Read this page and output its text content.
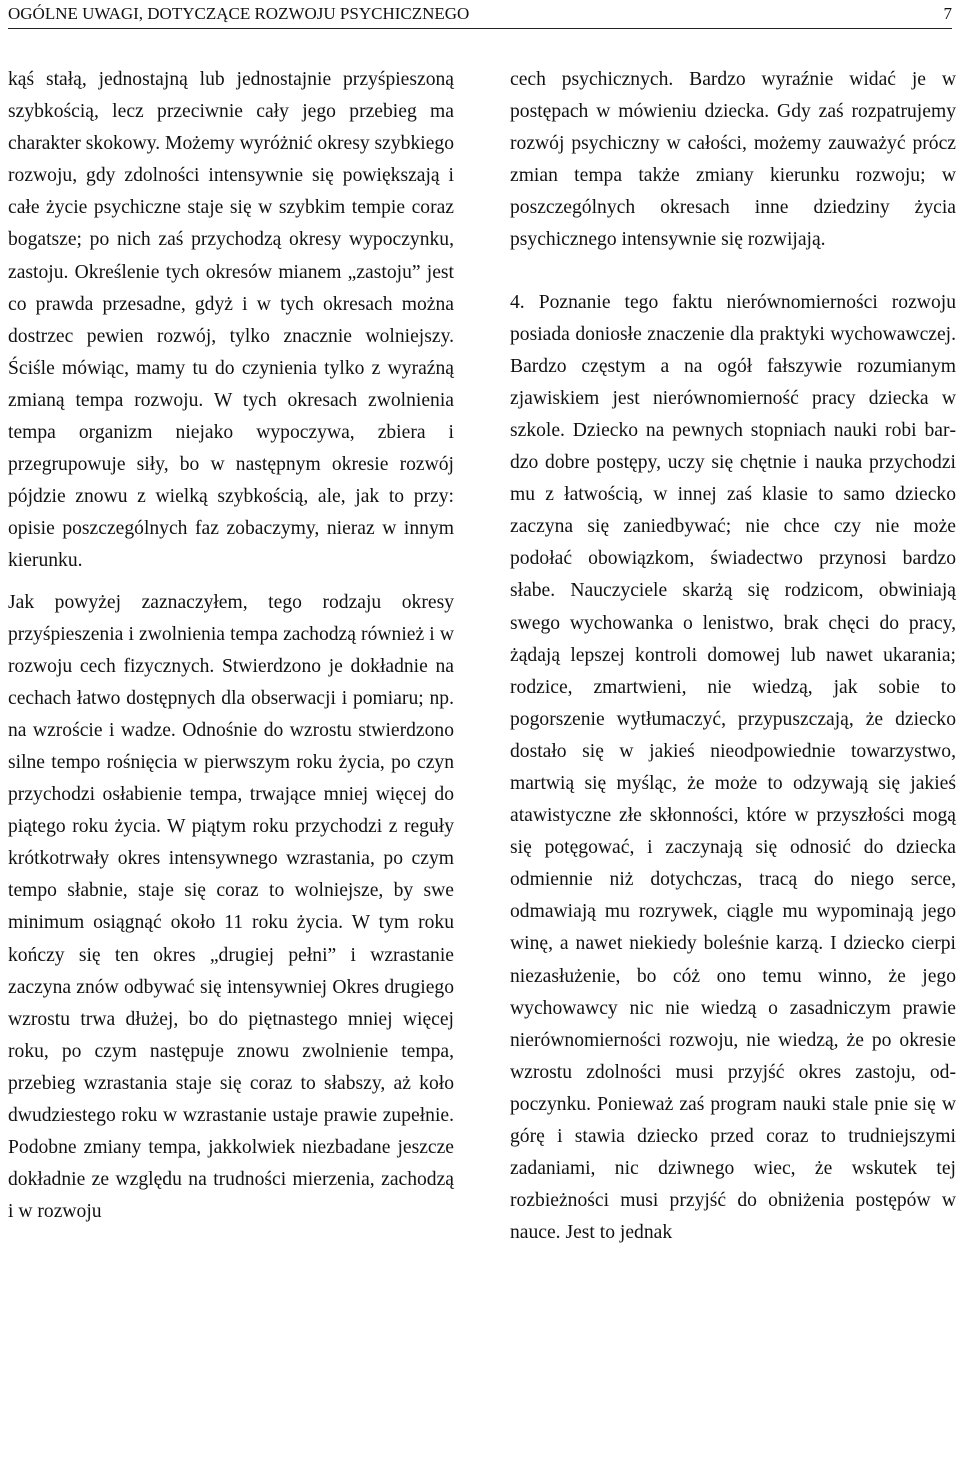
OGÓLNE UWAGI, DOTYCZĄCE ROZWOJU PSYCHICZNEGO	7

kąś stałą, jednostajną lub jednostajnie przyśpieszoną szybkością, lecz przeciwnie cały jego przebieg ma charakter skokowy. Możemy wyróżnić okresy szybkiego rozwoju, gdy zdolności intensywnie się powiększają i całe życie psychiczne staje się w szybkim tempie coraz bogatsze; po nich zaś przychodzą okresy wypoczynku, zastoju. Określenie tych okresów mianem „zastoju” jest co prawda przesadne, gdyż i w tych okresach można dostrzec pewien rozwój, tylko znacznie wolniejszy. Ściśle mówiąc, mamy tu do czynienia tylko z wyraźną zmianą tempa rozwoju. W tych okresach zwolnienia tempa organizm niejako wypoczywa, zbiera i przegrupowuje siły, bo w następnym okresie rozwój pójdzie znowu z wielką szybkością, ale, jak to przy: opisie poszczególnych faz zobaczymy, nieraz w innym kierunku.

Jak powyżej zaznaczyłem, tego rodzaju okresy przyśpieszenia i zwolnienia tempa zachodzą również i w rozwoju cech fizycznych. Stwierdzono je dokładnie na cechach łatwo dostępnych dla obserwacji i pomiaru; np. na wzroście i wadze. Odnośnie do wzrostu stwierdzono silne tempo rośnięcia w pierwszym roku życia, po czyn przychodzi osłabienie tempa, trwające mniej więcej do piątego roku życia. W piątym roku przychodzi z reguły krótkotrwały okres intensywnego wzrastania, po czym tempo słabnie, staje się coraz to wolniejsze, by swe minimum osiągnąć około 11 roku życia. W tym roku kończy się ten okres „drugiej pełni” i wzrastanie zaczyna znów odbywać się intensywniej Okres drugiego wzrostu trwa dłużej, bo do piętnastego mniej więcej roku, po czym następuje znowu zwolnienie tempa, przebieg wzrastania staje się coraz to słabszy, aż koło dwudziestego roku w wzrastanie ustaje prawie zupełnie. Podobne zmiany tempa, jakkolwiek niezbadane jeszcze dokładnie ze względu na trudności mierzenia, zachodzą i w rozwoju

cech psychicznych. Bardzo wyraźnie widać je w postępach w mówieniu dziecka. Gdy zaś rozpatrujemy rozwój psychiczny w całości, możemy zauważyć prócz zmian tempa także zmiany kierunku rozwoju; w poszczególnych okresach inne dziedziny życia psychicznego intensywnie się rozwijają.

4. Poznanie tego faktu nierównomierności rozwoju posiada doniosłe znaczenie dla praktyki wychowawczej. Bardzo częstym a na ogół fałszywie rozumianym zjawiskiem jest nierównomierność pracy dziecka w szkole. Dziecko na pewnych stopniach nauki robi bardzo dobre postępy, uczy się chętnie i nauka przychodzi mu z łatwością, w innej zaś klasie to samo dziecko zaczyna się zaniedbywać; nie chce czy nie może podołać obowiązkom, świadectwo przynosi bardzo słabe. Nauczyciele skarżą się rodzicom, obwiniają swego wychowanka o lenistwo, brak chęci do pracy, żądają lepszej kontroli domowej lub nawet ukarania; rodzice, zmartwieni, nie wiedzą, jak sobie to pogorszenie wytłumaczyć, przypuszczają, że dziecko dostało się w jakieś nieodpowiednie towarzystwo, martwią się myśląc, że może to odzywają się jakieś atawistyczne złe skłonności, które w przyszłości mogą się potęgować, i zaczynają się odnosić do dziecka odmiennie niż dotychczas, tracą do niego serce, odmawiają mu rozrywek, ciągle mu wypominają jego winę, a nawet niekiedy boleśnie karzą. I dziecko cierpi niezasłużenie, bo cóż ono temu winno, że jego wychowawcy nic nie wiedzą o zasadniczym prawie nierównomierności rozwoju, nie wiedzą, że po okresie wzrostu zdolności musi przyjść okres zastoju, odpoczynku. Ponieważ zaś program nauki stale pnie się w górę i stawia dziecko przed coraz to trudniejszymi zadaniami, nic dziwnego wiec, że wskutek tej rozbieżności musi przyjść do obniżenia postępów w nauce. Jest to jednak
